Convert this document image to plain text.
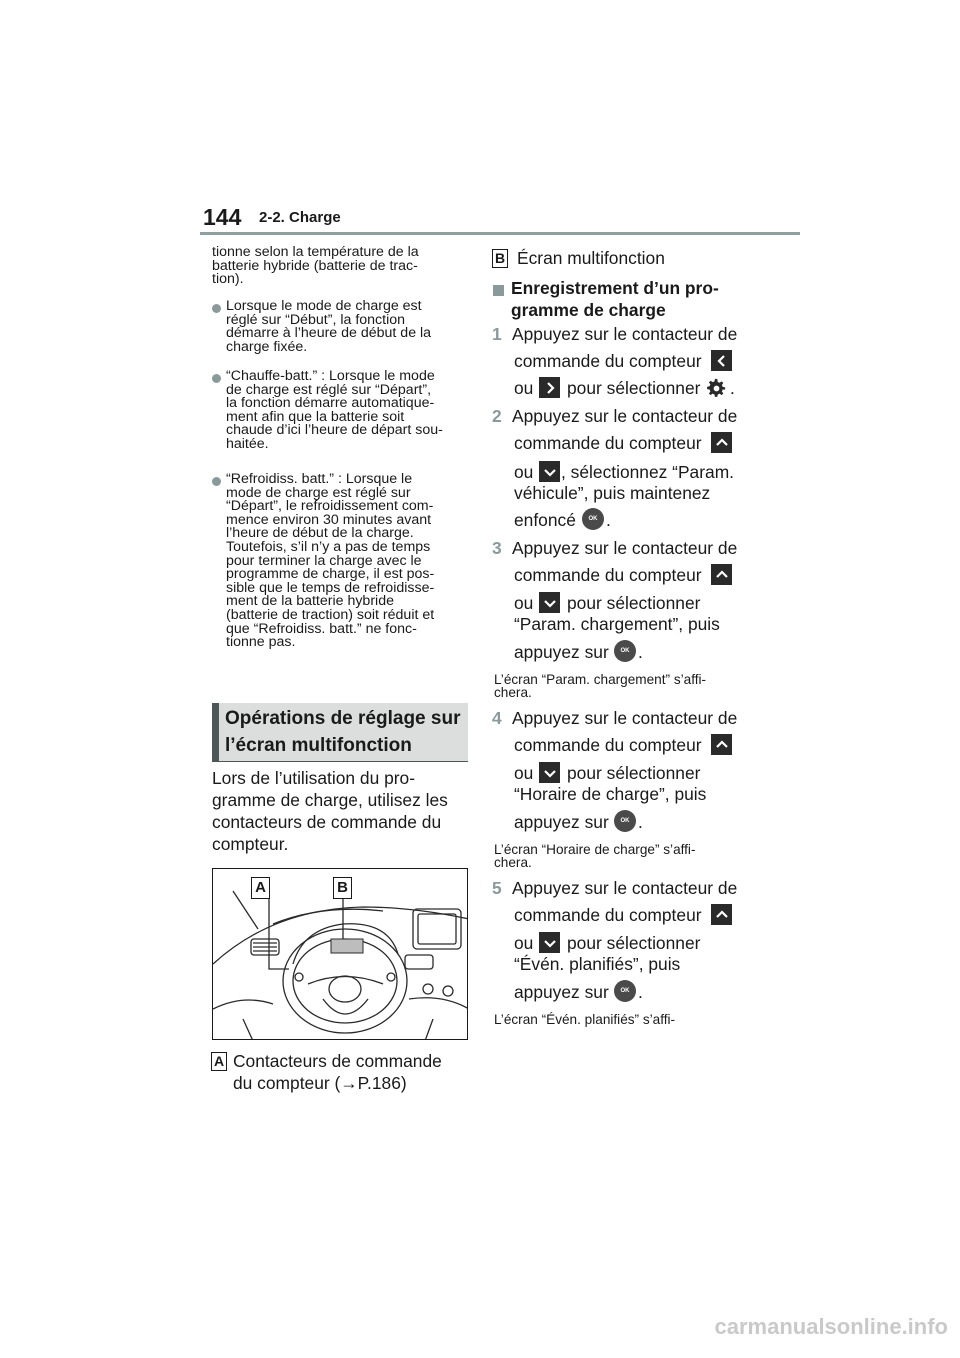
144 2-2. Charge
tionne selon la température de la
batterie hybride (batterie de trac-
tion).
Lorsque le mode de charge est
réglé sur “Début”, la fonction
démarre à l’heure de début de la
charge fixée.
“Chauffe-batt.” : Lorsque le mode
de charge est réglé sur “Départ”,
la fonction démarre automatique-
ment afin que la batterie soit
chaude d’ici l’heure de départ sou-
haitée.
“Refroidiss. batt.” : Lorsque le
mode de charge est réglé sur
“Départ”, le refroidissement com-
mence environ 30 minutes avant
l’heure de début de la charge.
Toutefois, s’il n’y a pas de temps
pour terminer la charge avec le
programme de charge, il est pos-
sible que le temps de refroidisse-
ment de la batterie hybride
(batterie de traction) soit réduit et
que “Refroidiss. batt.” ne fonc-
tionne pas.
Opérations de réglage sur
l’écran multifonction
Lors de l’utilisation du pro-
gramme de charge, utilisez les
contacteurs de commande du
compteur.
A	B
A Contacteurs de commande
du compteur (→P.186)
B Écran multifonction
Enregistrement d’un pro-
gramme de charge
1 Appuyez sur le contacteur de
commande du compteur
ou pour sélectionner .
2 Appuyez sur le contacteur de
commande du compteur
ou , sélectionnez “Param.
véhicule”, puis maintenez
enfoncé	OK .
3 Appuyez sur le contacteur de
commande du compteur
ou pour sélectionner
“Param. chargement”, puis
appuyez sur	OK .
L’écran “Param. chargement” s’affi-
chera.
4 Appuyez sur le contacteur de
commande du compteur
ou pour sélectionner
“Horaire de charge”, puis
appuyez sur	OK .
L’écran “Horaire de charge” s’affi-
chera.
5 Appuyez sur le contacteur de
commande du compteur
ou pour sélectionner
“Évén. planifiés”, puis
appuyez sur	OK .
L’écran “Évén. planifiés” s’affi-
carmanualsonline.info
